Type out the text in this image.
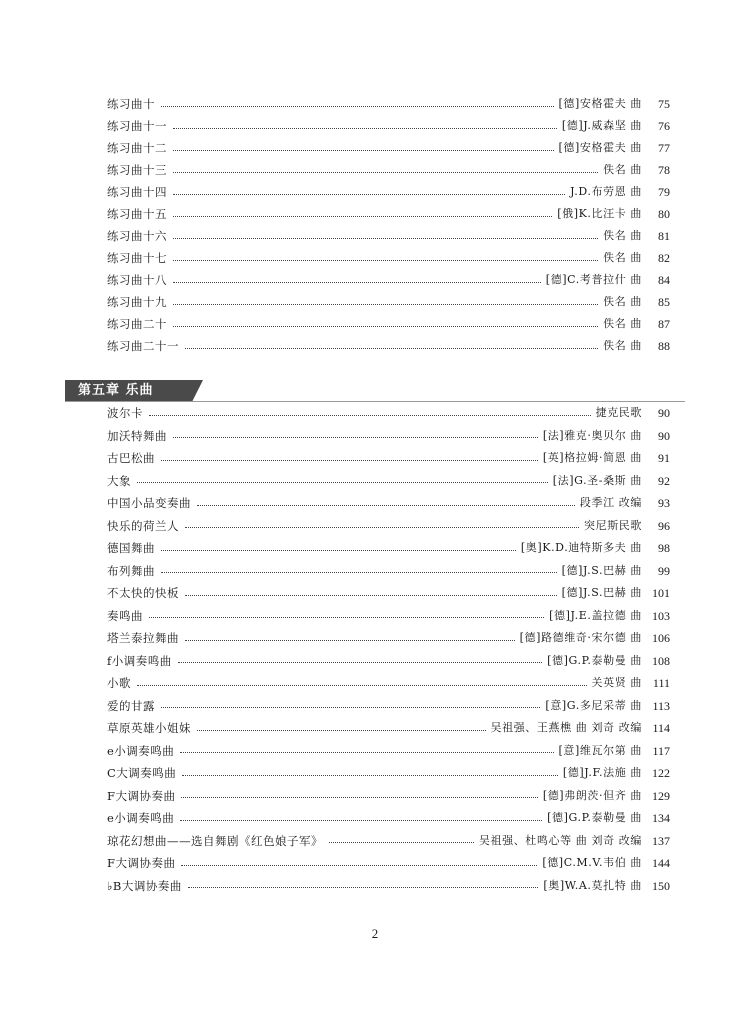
练习曲十	[德]安格霍夫 曲	75
练习曲十一	[德]J.威森坚 曲	76
练习曲十二	[德]安格霍夫 曲	77
练习曲十三	佚名 曲	78
练习曲十四	J.D.布劳恩 曲	79
练习曲十五	[俄]K.比汪卡 曲	80
练习曲十六	佚名 曲	81
练习曲十七	佚名 曲	82
练习曲十八	[德]C.考普拉什 曲	84
练习曲十九	佚名 曲	85
练习曲二十	佚名 曲	87
练习曲二十一	佚名 曲	88
第五章 乐曲
波尔卡	捷克民歌	90
加沃特舞曲	[法]雅克·奥贝尔 曲	90
古巴松曲	[英]格拉姆·简恩 曲	91
大象	[法]G.圣-桑斯 曲	92
中国小品变奏曲	段季江 改编	93
快乐的荷兰人	突尼斯民歌	96
德国舞曲	[奥]K.D.迪特斯多夫 曲	98
布列舞曲	[德]J.S.巴赫 曲	99
不太快的快板	[德]J.S.巴赫 曲 101
奏鸣曲	[德]J.E.盖拉德 曲 103
塔兰泰拉舞曲	[德]路德维奇·宋尔德 曲 106
f小调奏鸣曲	[德]G.P.泰勒曼 曲 108
小歌	关英贤 曲 111
爱的甘露	[意]G.多尼采蒂 曲 113
草原英雄小姐妹	吴祖强、王燕樵 曲 刘奇 改编 114
e小调奏鸣曲	[意]维瓦尔第 曲 117
C大调奏鸣曲	[德]J.F.法施 曲 122
F大调协奏曲	[德]弗朗茨·但齐 曲 129
e小调奏鸣曲	[德]G.P.泰勒曼 曲 134
琼花幻想曲——选自舞剧《红色娘子军》	吴祖强、杜鸣心等 曲 刘奇 改编 137
F大调协奏曲	[德]C.M.V.韦伯 曲 144
♭B大调协奏曲	[奥]W.A.莫扎特 曲 150
2
